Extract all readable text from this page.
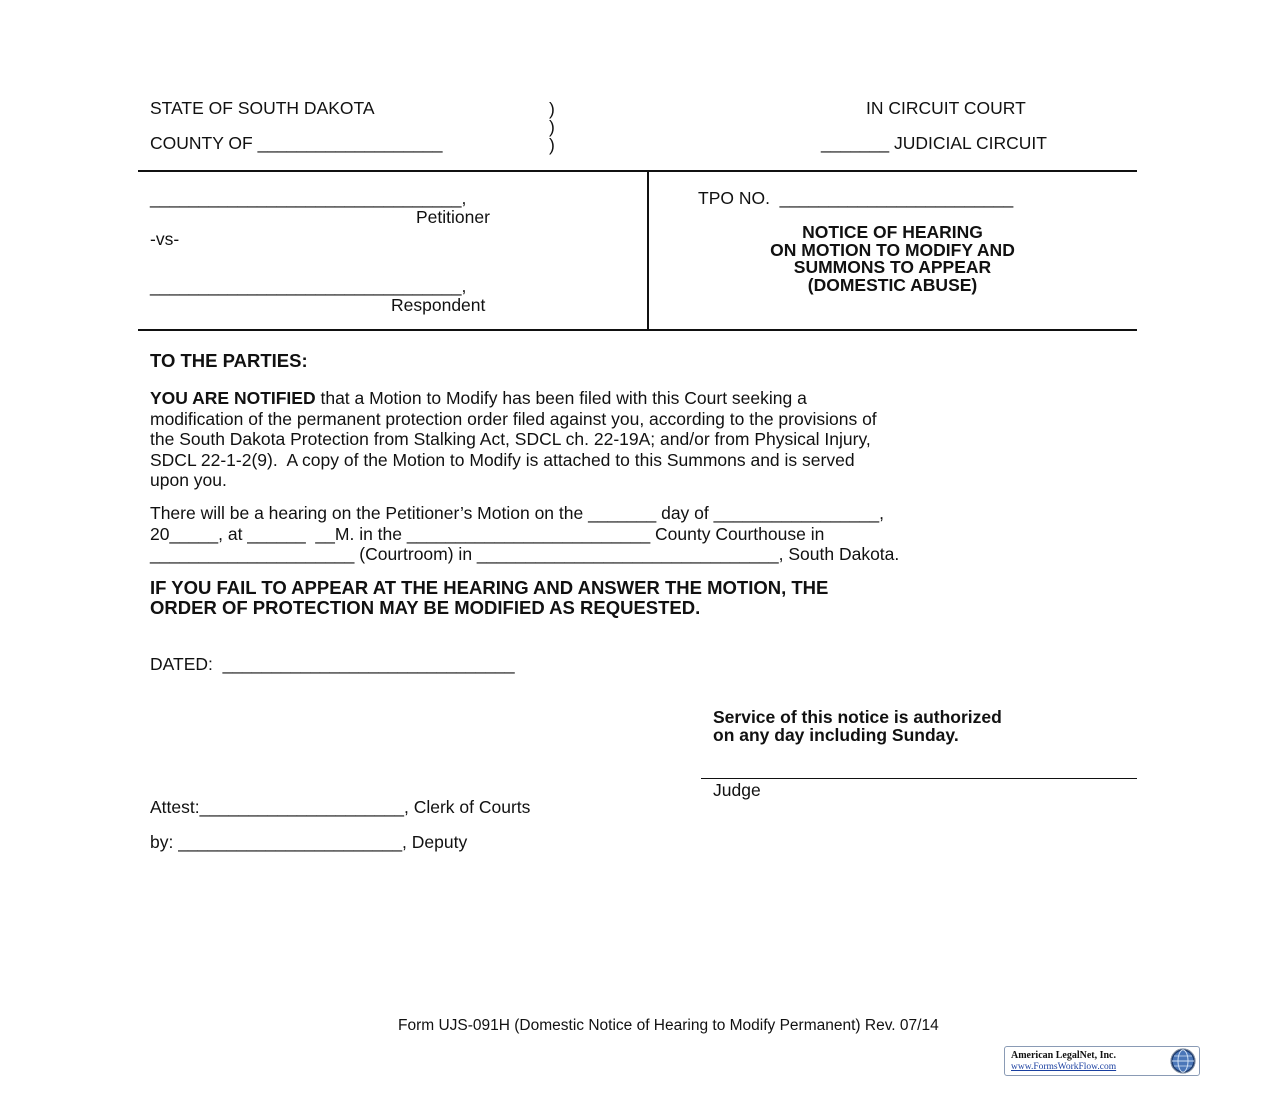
STATE OF SOUTH DAKOTA
COUNTY OF ___________________
)
)
)
IN CIRCUIT COURT
_______ JUDICIAL CIRCUIT
________________________________,
Petitioner
-vs-
________________________________,
Respondent
TPO NO.  ________________________
NOTICE OF HEARING
ON MOTION TO MODIFY AND
SUMMONS TO APPEAR
(DOMESTIC ABUSE)
TO THE PARTIES:
YOU ARE NOTIFIED that a Motion to Modify has been filed with this Court seeking a
modification of the permanent protection order filed against you, according to the provisions of
the South Dakota Protection from Stalking Act, SDCL ch. 22-19A; and/or from Physical Injury,
SDCL 22-1-2(9).  A copy of the Motion to Modify is attached to this Summons and is served
upon you.
There will be a hearing on the Petitioner’s Motion on the _______ day of _________________,
20_____, at ______  __M. in the _________________________ County Courthouse in
_____________________ (Courtroom) in _______________________________, South Dakota.
IF YOU FAIL TO APPEAR AT THE HEARING AND ANSWER THE MOTION, THE
ORDER OF PROTECTION MAY BE MODIFIED AS REQUESTED.
DATED:  ______________________________
Service of this notice is authorized
on any day including Sunday.
Judge
Attest:_____________________, Clerk of Courts
by: _______________________, Deputy
Form UJS-091H (Domestic Notice of Hearing to Modify Permanent) Rev. 07/14
American LegalNet, Inc.
www.FormsWorkFlow.com
